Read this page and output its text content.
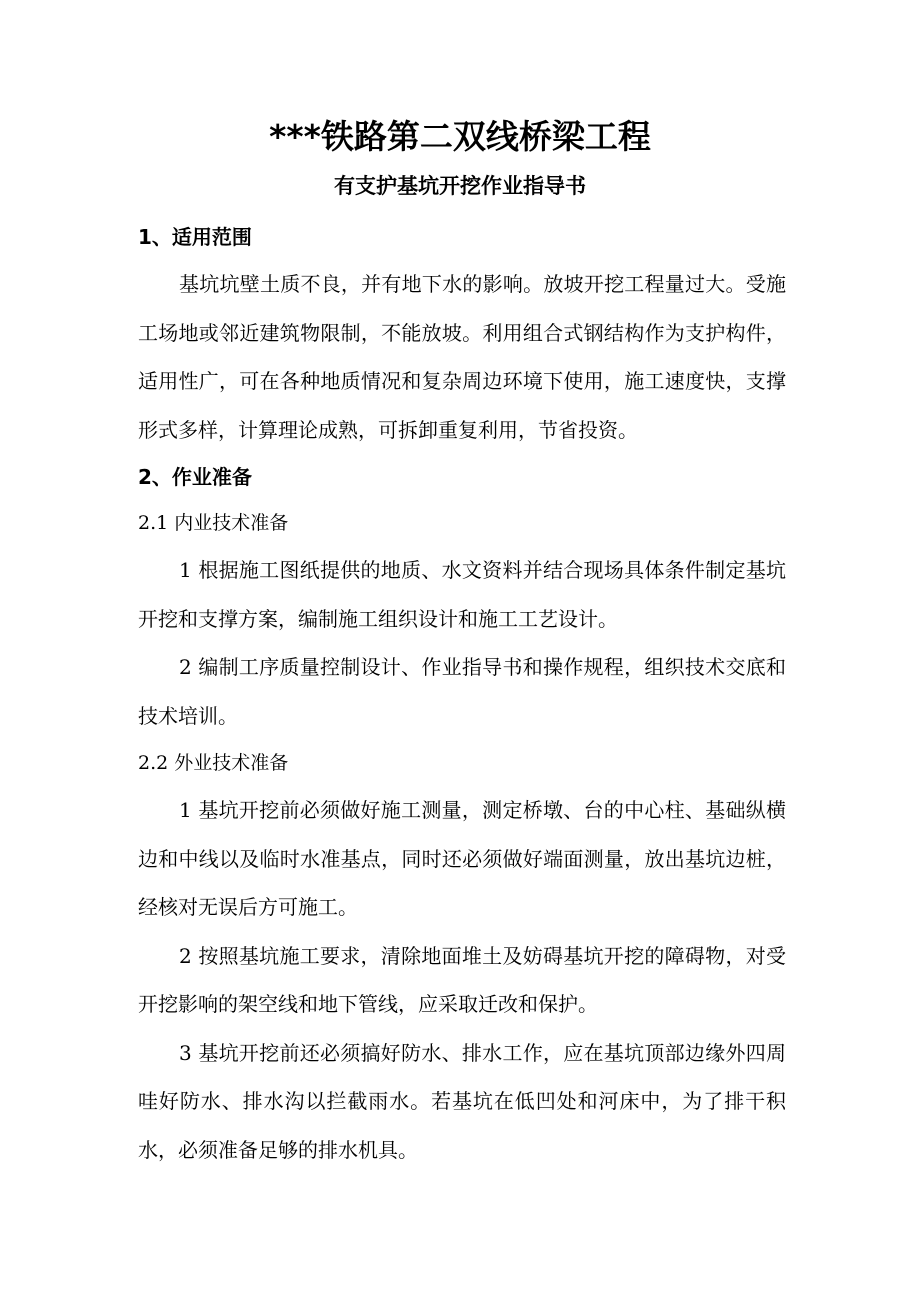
***铁路第二双线桥梁工程
有支护基坑开挖作业指导书

1、适用范围

基坑坑壁土质不良，并有地下水的影响。放坡开挖工程量过大。受施工场地或邻近建筑物限制，不能放坡。利用组合式钢结构作为支护构件，适用性广，可在各种地质情况和复杂周边环境下使用，施工速度快，支撑形式多样，计算理论成熟，可拆卸重复利用，节省投资。

2、作业准备

2.1 内业技术准备

1 根据施工图纸提供的地质、水文资料并结合现场具体条件制定基坑开挖和支撑方案，编制施工组织设计和施工工艺设计。

2 编制工序质量控制设计、作业指导书和操作规程，组织技术交底和技术培训。

2.2 外业技术准备

1 基坑开挖前必须做好施工测量，测定桥墩、台的中心柱、基础纵横边和中线以及临时水准基点，同时还必须做好端面测量，放出基坑边桩，经核对无误后方可施工。

2 按照基坑施工要求，清除地面堆土及妨碍基坑开挖的障碍物，对受开挖影响的架空线和地下管线，应采取迁改和保护。

3 基坑开挖前还必须搞好防水、排水工作，应在基坑顶部边缘外四周哇好防水、排水沟以拦截雨水。若基坑在低凹处和河床中，为了排干积水，必须准备足够的排水机具。
